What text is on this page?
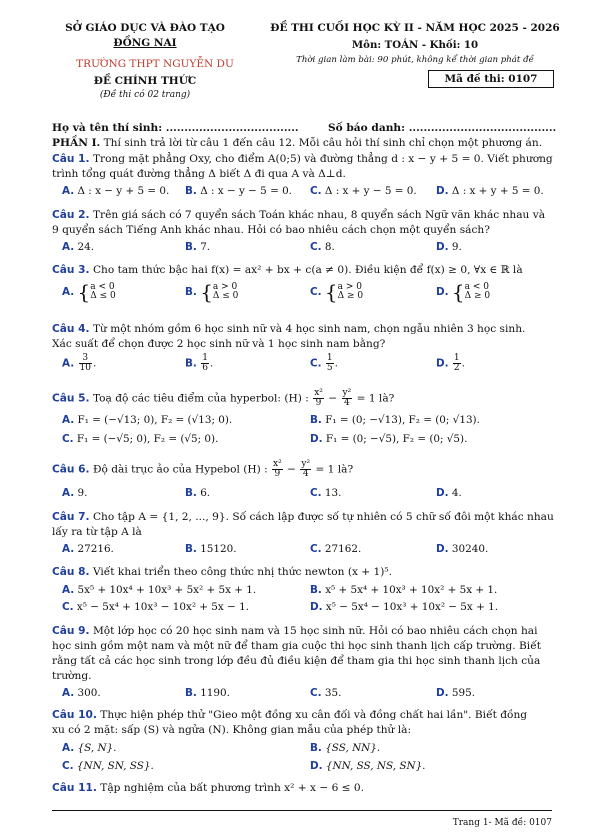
SỞ GIÁO DỤC VÀ ĐÀO TẠO
ĐỒNG NAI
TRƯỜNG THPT NGUYỄN DU
ĐỀ CHÍNH THỨC
(Đề thi có 02 trang)
ĐỀ THI CUỐI HỌC KỲ II - NĂM HỌC 2025 - 2026
Môn: TOÁN - Khối: 10
Thời gian làm bài: 90 phút, không kể thời gian phát đề
Mã đề thi: 0107
Họ và tên thí sinh: ....................................	Số báo danh: ........................................
PHẦN I. Thí sinh trả lời từ câu 1 đến câu 12. Mỗi câu hỏi thí sinh chỉ chọn một phương án.
Câu 1. Trong mặt phẳng Oxy, cho điểm A(0;5) và đường thẳng d : x − y + 5 = 0. Viết phương
trình tổng quát đường thẳng Δ biết Δ đi qua A và Δ⊥d.
A. Δ : x − y + 5 = 0. B. Δ : x − y − 5 = 0. C. Δ : x + y − 5 = 0. D. Δ : x + y + 5 = 0.
Câu 2. Trên giá sách có 7 quyển sách Toán khác nhau, 8 quyển sách Ngữ văn khác nhau và
9 quyển sách Tiếng Anh khác nhau. Hỏi có bao nhiêu cách chọn một quyển sách?
A. 24.	B. 7.	C. 8.	D. 9.
Câu 3. Cho tam thức bậc hai f(x) = ax² + bx + c(a ≠ 0). Điều kiện để f(x) ≥ 0, ∀x ∈ ℝ là
A. { a < 0
Δ ≤ 0	B. { a > 0
Δ ≤ 0	C. { a > 0
Δ ≥ 0	D. { a < 0
Δ ≥ 0
Câu 4. Từ một nhóm gồm 6 học sinh nữ và 4 học sinh nam, chọn ngẫu nhiên 3 học sinh.
Xác suất để chọn được 2 học sinh nữ và 1 học sinh nam bằng?
A. $\frac{3}{10}$ .	B. $\frac{1}{6}$ .	C. $\frac{1}{5}$ .	D. $\frac{1}{2}$ .
Câu 5. Toạ độ các tiêu điểm của hyperbol: (H) : $\frac{\text{x²}}{9} - \frac{\text{y²}}{4} = 1$ là?
A. F₁ = (−√13; 0), F₂ = (√13; 0).	B. F₁ = (0; −√13), F₂ = (0; √13).
C. F₁ = (−√5; 0), F₂ = (√5; 0).	D. F₁ = (0; −√5), F₂ = (0; √5).
Câu 6. Độ dài trục ảo của Hypebol (H) : $\frac{\text{x²}}{9} - \frac{\text{y²}}{4} = 1$ là?
A. 9.	B. 6.	C. 13.	D. 4.
Câu 7. Cho tập A = {1, 2, ..., 9}. Số cách lập được số tự nhiên có 5 chữ số đôi một khác nhau
lấy ra từ tập A là
A. 27216.	B. 15120.	C. 27162.	D. 30240.
Câu 8. Viết khai triển theo công thức nhị thức newton (x + 1)⁵.
A. 5x⁵ + 10x⁴ + 10x³ + 5x² + 5x + 1.	B. x⁵ + 5x⁴ + 10x³ + 10x² + 5x + 1.
C. x⁵ − 5x⁴ + 10x³ − 10x² + 5x − 1.	D. x⁵ − 5x⁴ − 10x³ + 10x² − 5x + 1.
Câu 9. Một lớp học có 20 học sinh nam và 15 học sinh nữ. Hỏi có bao nhiêu cách chọn hai
học sinh gồm một nam và một nữ để tham gia cuộc thi học sinh thanh lịch cấp trường. Biết
rằng tất cả các học sinh trong lớp đều đủ điều kiện để tham gia thi học sinh thanh lịch của
trường.
A. 300.	B. 1190.	C. 35.	D. 595.
Câu 10. Thực hiện phép thử "Gieo một đồng xu cân đối và đồng chất hai lần". Biết đồng
xu có 2 mặt: sấp (S) và ngửa (N). Không gian mẫu của phép thử là:
A. {S, N}.	B. {SS, NN}.
C. {NN, SN, SS}.	D. {NN, SS, NS, SN}.
Câu 11. Tập nghiệm của bất phương trình x² + x − 6 ≤ 0.
Trang 1- Mã đề: 0107
